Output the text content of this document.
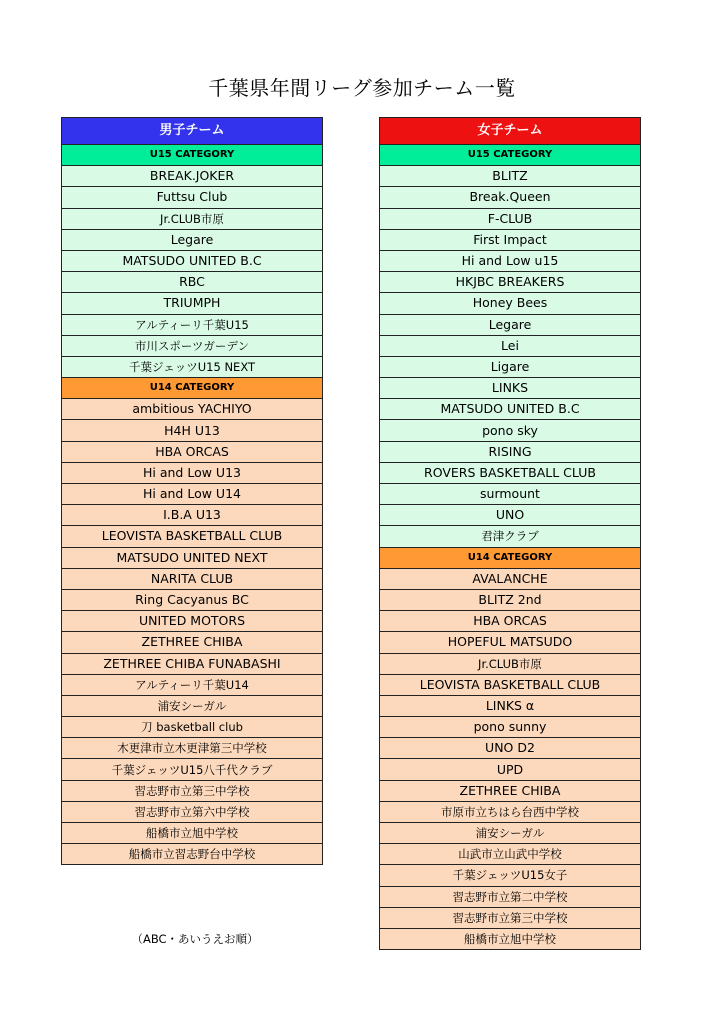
千葉県年間リーグ参加チーム一覧
男子チーム
U15 CATEGORY
BREAK.JOKER
Futtsu Club
Jr.CLUB市原
Legare
MATSUDO UNITED B.C
RBC
TRIUMPH
アルティーリ千葉U15
市川スポーツガーデン
千葉ジェッツU15 NEXT
U14 CATEGORY
ambitious YACHIYO
H4H U13
HBA ORCAS
Hi and Low U13
Hi and Low U14
I.B.A U13
LEOVISTA BASKETBALL CLUB
MATSUDO UNITED NEXT
NARITA CLUB
Ring Cacyanus BC
UNITED MOTORS
ZETHREE CHIBA
ZETHREE CHIBA FUNABASHI
アルティーリ千葉U14
浦安シーガル
刀 basketball club
木更津市立木更津第三中学校
千葉ジェッツU15八千代クラブ
習志野市立第三中学校
習志野市立第六中学校
船橋市立旭中学校
船橋市立習志野台中学校
女子チーム
U15 CATEGORY
BLITZ
Break.Queen
F-CLUB
First Impact
Hi and Low u15
HKJBC BREAKERS
Honey Bees
Legare
Lei
Ligare
LINKS
MATSUDO UNITED B.C
pono sky
RISING
ROVERS BASKETBALL CLUB
surmount
UNO
君津クラブ
U14 CATEGORY
AVALANCHE
BLITZ 2nd
HBA ORCAS
HOPEFUL MATSUDO
Jr.CLUB市原
LEOVISTA BASKETBALL CLUB
LINKS α
pono sunny
UNO D2
UPD
ZETHREE CHIBA
市原市立ちはら台西中学校
浦安シーガル
山武市立山武中学校
千葉ジェッツU15女子
習志野市立第二中学校
習志野市立第三中学校
船橋市立旭中学校
（ABC・あいうえお順）
